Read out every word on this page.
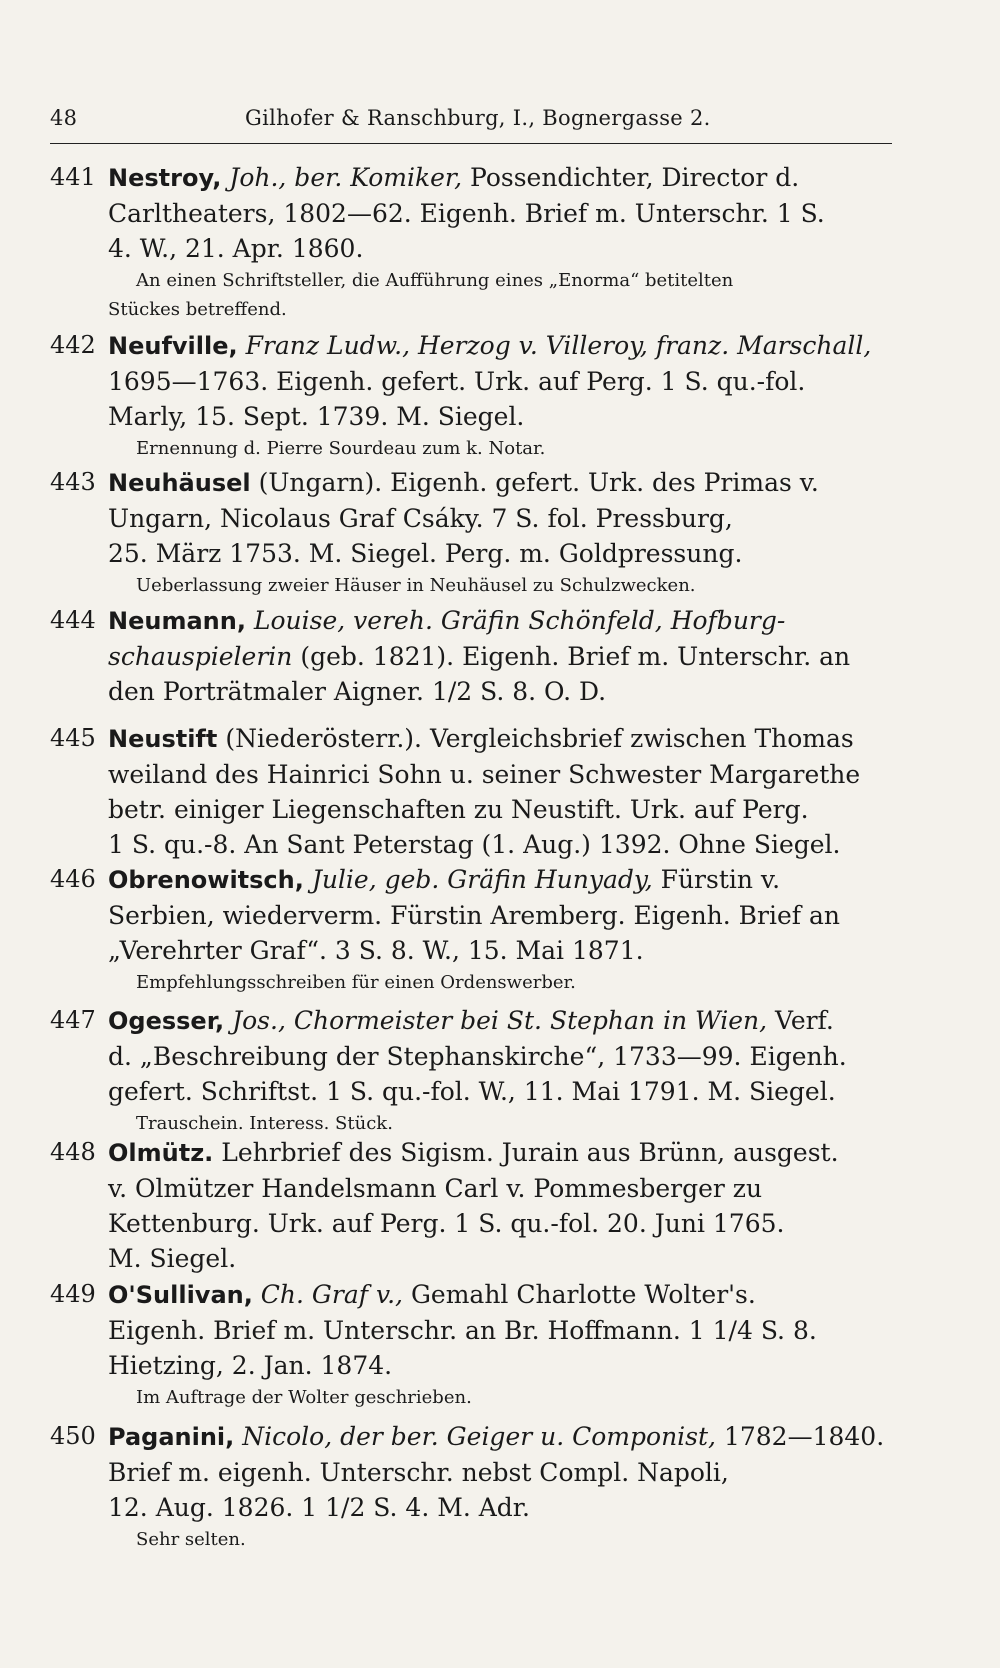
48	Gilhofer & Ranschburg, I., Bognergasse 2.
441 Nestroy, Joh., ber. Komiker, Possendichter, Director d.
Carltheaters, 1802—62. Eigenh. Brief m. Unterschr. 1 S.
4. W., 21. Apr. 1860.
An einen Schriftsteller, die Aufführung eines „Enorma“ betitelten
Stückes betreffend.
442 Neufville, Franz Ludw., Herzog v. Villeroy, franz. Marschall,
1695—1763. Eigenh. gefert. Urk. auf Perg. 1 S. qu.-fol.
Marly, 15. Sept. 1739. M. Siegel.
Ernennung d. Pierre Sourdeau zum k. Notar.
443 Neuhäusel (Ungarn). Eigenh. gefert. Urk. des Primas v.
Ungarn, Nicolaus Graf Csáky. 7 S. fol. Pressburg,
25. März 1753. M. Siegel. Perg. m. Goldpressung.
Ueberlassung zweier Häuser in Neuhäusel zu Schulzwecken.
444 Neumann, Louise, vereh. Gräfin Schönfeld, Hofburg-
schauspielerin (geb. 1821). Eigenh. Brief m. Unterschr. an
den Porträtmaler Aigner. 1/2 S. 8. O. D.
445 Neustift (Niederösterr.). Vergleichsbrief zwischen Thomas
weiland des Hainrici Sohn u. seiner Schwester Margarethe
betr. einiger Liegenschaften zu Neustift. Urk. auf Perg.
1 S. qu.-8. An Sant Peterstag (1. Aug.) 1392. Ohne Siegel.
446 Obrenowitsch, Julie, geb. Gräfin Hunyady, Fürstin v.
Serbien, wiederverm. Fürstin Aremberg. Eigenh. Brief an
„Verehrter Graf“. 3 S. 8. W., 15. Mai 1871.
Empfehlungsschreiben für einen Ordenswerber.
447 Ogesser, Jos., Chormeister bei St. Stephan in Wien, Verf.
d. „Beschreibung der Stephanskirche“, 1733—99. Eigenh.
gefert. Schriftst. 1 S. qu.-fol. W., 11. Mai 1791. M. Siegel.
Trauschein. Interess. Stück.
448 Olmütz. Lehrbrief des Sigism. Jurain aus Brünn, ausgest.
v. Olmützer Handelsmann Carl v. Pommesberger zu
Kettenburg. Urk. auf Perg. 1 S. qu.-fol. 20. Juni 1765.
M. Siegel.
449 O'Sullivan, Ch. Graf v., Gemahl Charlotte Wolter's.
Eigenh. Brief m. Unterschr. an Br. Hoffmann. 1 1/4 S. 8.
Hietzing, 2. Jan. 1874.
Im Auftrage der Wolter geschrieben.
450 Paganini, Nicolo, der ber. Geiger u. Componist, 1782—1840.
Brief m. eigenh. Unterschr. nebst Compl. Napoli,
12. Aug. 1826. 1 1/2 S. 4. M. Adr.
Sehr selten.
